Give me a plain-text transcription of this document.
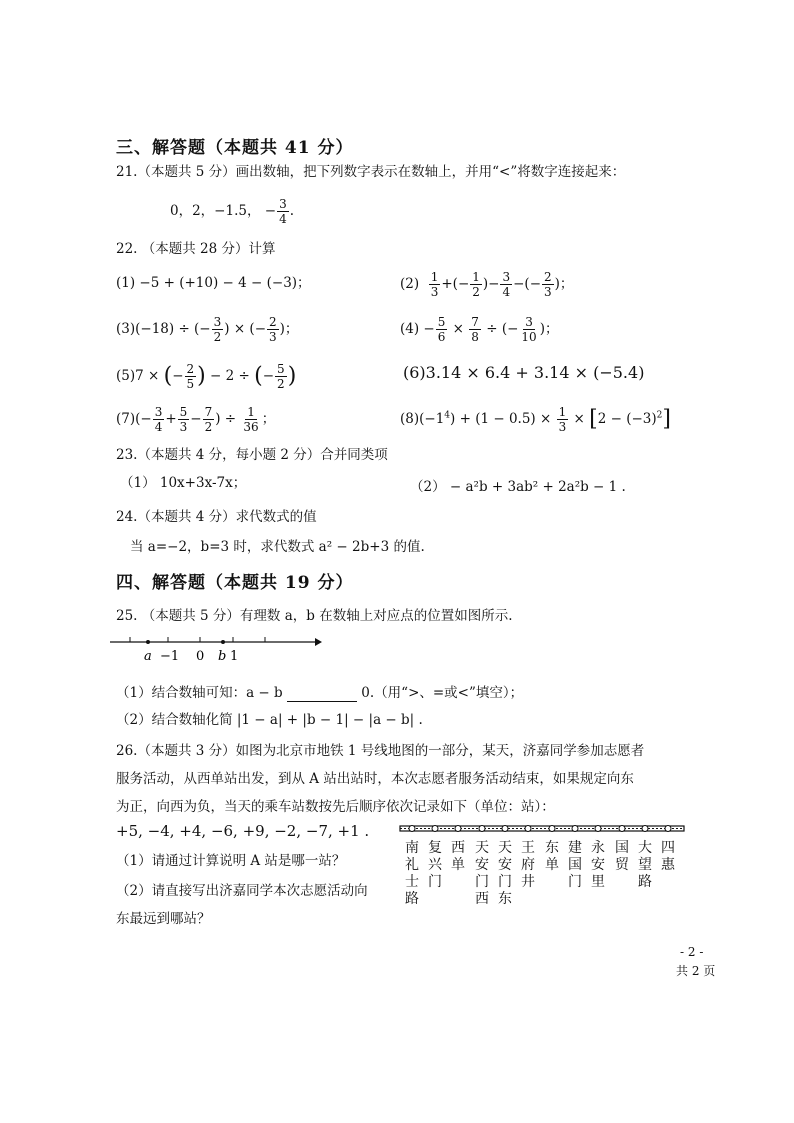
三、解答题（本题共 41 分）
21.（本题共 5 分）画出数轴，把下列数字表示在数轴上，并用“<”将数字连接起来：
0，2，−1.5， − $\frac{3}{4}$ .
22. （本题共 28 分）计算
(1) −5 + (+10) − 4 − (−3)；	$(2) \frac{1}{3}$ +(− $\frac{1}{2}$ )− $\frac{3}{4}$ −(− $\frac{2}{3}$ )；
(3)(−18) ÷ (− $\frac{3}{2}$ ) × (− $\frac{2}{3}$ )；	$(4) - \frac{5}{6} \times \frac{7}{8}$ ÷ (− $\frac{3}{10}$ )；
(5)7 × (− $\frac{2}{5}$ ) − 2 ÷ (− $\frac{5}{2}$ )	(6)3.14 × 6.4 + 3.14 × (−5.4)
$(7)(- \frac{3}{4} + \frac{5}{3} - \frac{7}{2}$ ) ÷ $\frac{1}{36}$ ；	$(8)(-1^4) + (1 - 0.5) \times \frac{1}{3} \times [2 - (-3)^2]$
23.（本题共 4 分，每小题 2 分）合并同类项
（1） 10x+3x-7x；	（2） − a²b + 3ab² + 2a²b − 1 .
24.（本题共 4 分）求代数式的值
当 a=−2，b=3 时，求代数式 a² − 2b+3 的值.
四、解答题（本题共 19 分）
25. （本题共 5 分）有理数 a，b 在数轴上对应点的位置如图所示.
a −1 0 b 1
（1）结合数轴可知：a − b	0.（用“>、=或<”填空）；
（2）结合数轴化简 |1 − a| + |b − 1| − |a − b| .
26.（本题共 3 分）如图为北京市地铁 1 号线地图的一部分，某天，济嘉同学参加志愿者
服务活动，从西单站出发，到从 A 站出站时，本次志愿者服务活动结束，如果规定向东
为正，向西为负，当天的乘车站数按先后顺序依次记录如下（单位：站）：
+5, −4, +4, −6, +9, −2, −7, +1 .
（1）请通过计算说明 A 站是哪一站？
（2）请直接写出济嘉同学本次志愿活动向
东最远到哪站？
南礼士路
复兴门
西单
天安门西
天安门东
王府井
东单
建国门
永安里
国贸
大望路
四惠
- 2 -
共 2 页
